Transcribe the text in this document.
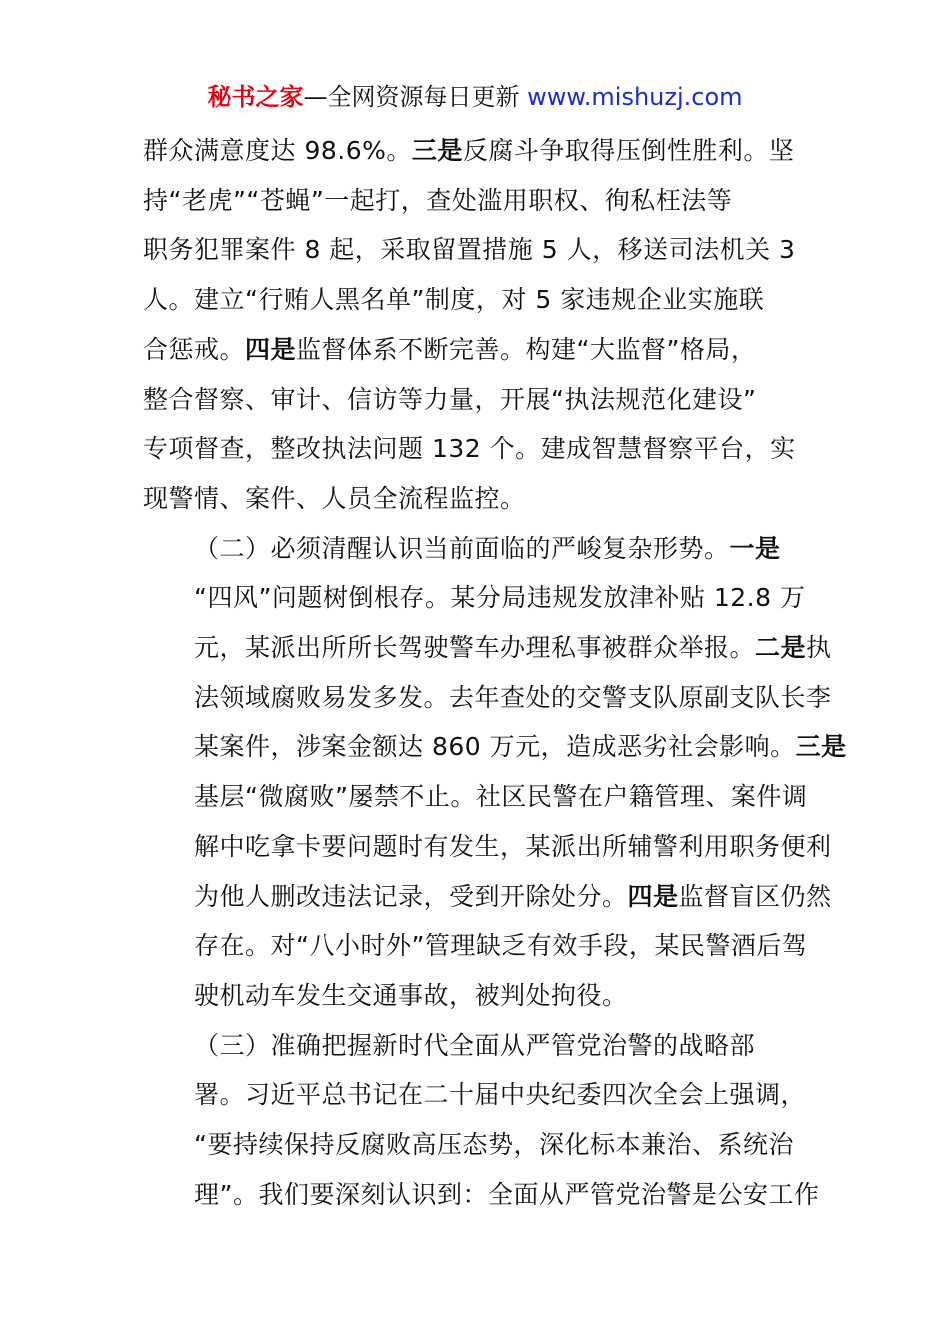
秘书之家—全网资源每日更新 www.mishuzj.com
群众满意度达 98.6%。三是反腐斗争取得压倒性胜利。坚
持“老虎”“苍蝇”一起打，查处滥用职权、徇私枉法等
职务犯罪案件 8 起，采取留置措施 5 人，移送司法机关 3
人。建立“行贿人黑名单”制度，对 5 家违规企业实施联
合惩戒。四是监督体系不断完善。构建“大监督”格局，
整合督察、审计、信访等力量，开展“执法规范化建设”
专项督查，整改执法问题 132 个。建成智慧督察平台，实
现警情、案件、人员全流程监控。
（二）必须清醒认识当前面临的严峻复杂形势。一是
“四风”问题树倒根存。某分局违规发放津补贴 12.8 万
元，某派出所所长驾驶警车办理私事被群众举报。二是执
法领域腐败易发多发。去年查处的交警支队原副支队长李
某案件，涉案金额达 860 万元，造成恶劣社会影响。三是
基层“微腐败”屡禁不止。社区民警在户籍管理、案件调
解中吃拿卡要问题时有发生，某派出所辅警利用职务便利
为他人删改违法记录，受到开除处分。四是监督盲区仍然
存在。对“八小时外”管理缺乏有效手段，某民警酒后驾
驶机动车发生交通事故，被判处拘役。
（三）准确把握新时代全面从严管党治警的战略部
署。习近平总书记在二十届中央纪委四次全会上强调，
“要持续保持反腐败高压态势，深化标本兼治、系统治
理”。我们要深刻认识到：全面从严管党治警是公安工作
